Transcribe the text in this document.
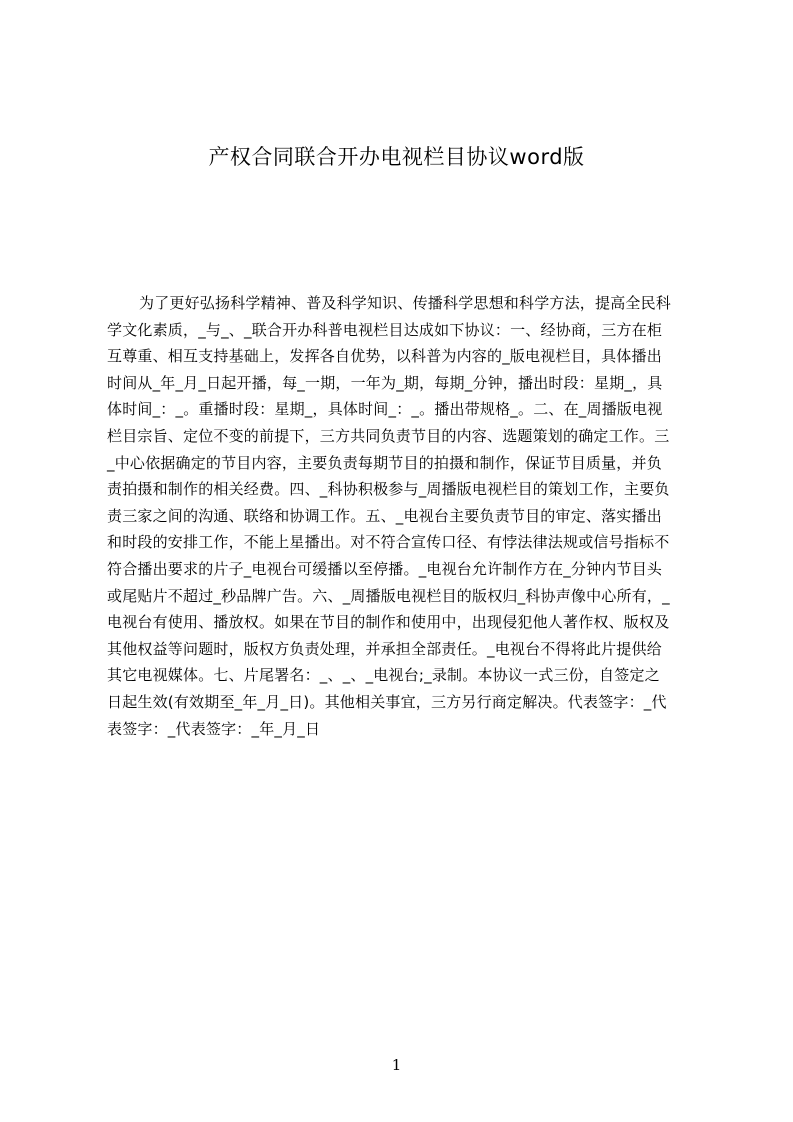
产权合同联合开办电视栏目协议word版
为了更好弘扬科学精神、普及科学知识、传播科学思想和科学方法，提高全民科
学文化素质，_与_、_联合开办科普电视栏目达成如下协议：一、经协商，三方在柜
互尊重、相互支持基础上，发挥各自优势，以科普为内容的_版电视栏目，具体播出
时间从_年_月_日起开播，每_一期，一年为_期，每期_分钟，播出时段：星期_，具
体时间_：_。重播时段：星期_，具体时间_：_。播出带规格_。二、在_周播版电视
栏目宗旨、定位不变的前提下，三方共同负责节目的内容、选题策划的确定工作。三
_中心依据确定的节目内容，主要负责每期节目的拍摄和制作，保证节目质量，并负
责拍摄和制作的相关经费。四、_科协积极参与_周播版电视栏目的策划工作，主要负
责三家之间的沟通、联络和协调工作。五、_电视台主要负责节目的审定、落实播出
和时段的安排工作，不能上星播出。对不符合宣传口径、有悖法律法规或信号指标不
符合播出要求的片子_电视台可缓播以至停播。_电视台允许制作方在_分钟内节目头
或尾贴片不超过_秒品牌广告。六、_周播版电视栏目的版权归_科协声像中心所有，_
电视台有使用、播放权。如果在节目的制作和使用中，出现侵犯他人著作权、版权及
其他权益等问题时，版权方负责处理，并承担全部责任。_电视台不得将此片提供给
其它电视媒体。七、片尾署名：_、_、_电视台;_录制。本协议一式三份，自签定之
日起生效(有效期至_年_月_日)。其他相关事宜，三方另行商定解决。代表签字：_代
表签字：_代表签字：_年_月_日
1
